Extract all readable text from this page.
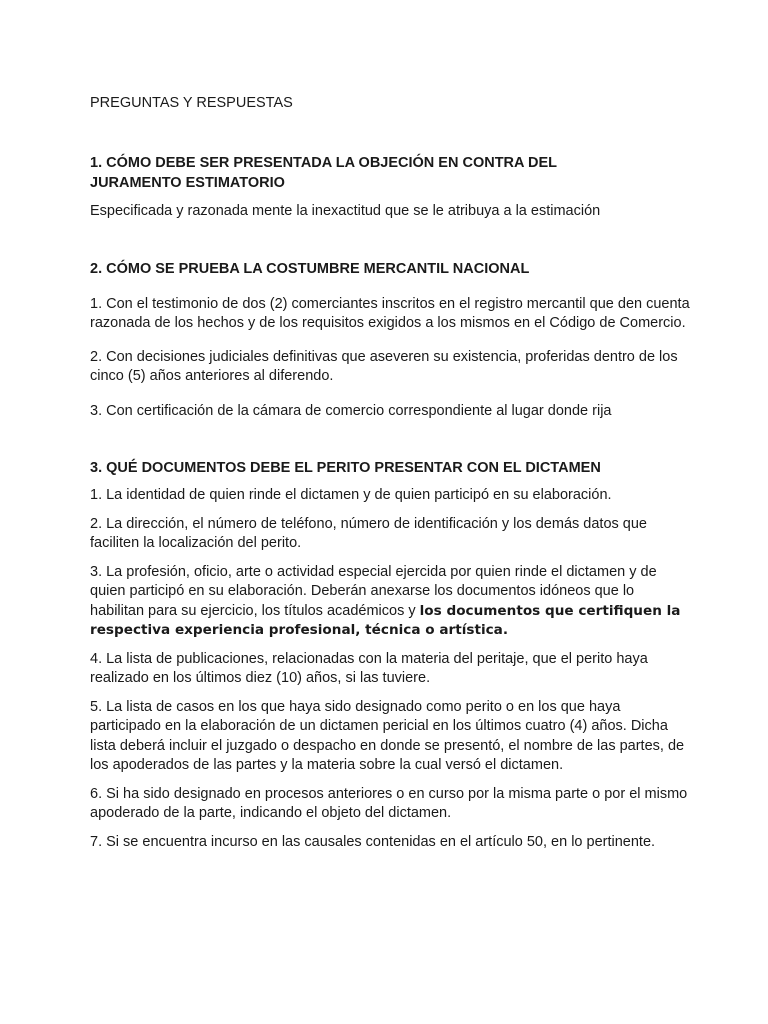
PREGUNTAS Y RESPUESTAS

1. CÓMO DEBE SER PRESENTADA LA OBJECIÓN EN CONTRA DEL
JURAMENTO ESTIMATORIO

Especificada y razonada mente la inexactitud que se le atribuya a la estimación

2. CÓMO SE PRUEBA LA COSTUMBRE MERCANTIL NACIONAL

1. Con el testimonio de dos (2) comerciantes inscritos en el registro mercantil que den cuenta razonada de los hechos y de los requisitos exigidos a los mismos en el Código de Comercio.

2. Con decisiones judiciales definitivas que aseveren su existencia, proferidas dentro de los cinco (5) años anteriores al diferendo.

3. Con certificación de la cámara de comercio correspondiente al lugar donde rija

3. QUÉ DOCUMENTOS DEBE EL PERITO PRESENTAR CON EL DICTAMEN

1. La identidad de quien rinde el dictamen y de quien participó en su elaboración.

2. La dirección, el número de teléfono, número de identificación y los demás datos que faciliten la localización del perito.

3. La profesión, oficio, arte o actividad especial ejercida por quien rinde el dictamen y de quien participó en su elaboración. Deberán anexarse los documentos idóneos que lo habilitan para su ejercicio, los títulos académicos y los documentos que certifiquen la respectiva experiencia profesional, técnica o artística.

4. La lista de publicaciones, relacionadas con la materia del peritaje, que el perito haya realizado en los últimos diez (10) años, si las tuviere.

5. La lista de casos en los que haya sido designado como perito o en los que haya participado en la elaboración de un dictamen pericial en los últimos cuatro (4) años. Dicha lista deberá incluir el juzgado o despacho en donde se presentó, el nombre de las partes, de los apoderados de las partes y la materia sobre la cual versó el dictamen.

6. Si ha sido designado en procesos anteriores o en curso por la misma parte o por el mismo apoderado de la parte, indicando el objeto del dictamen.

7. Si se encuentra incurso en las causales contenidas en el artículo 50, en lo pertinente.
